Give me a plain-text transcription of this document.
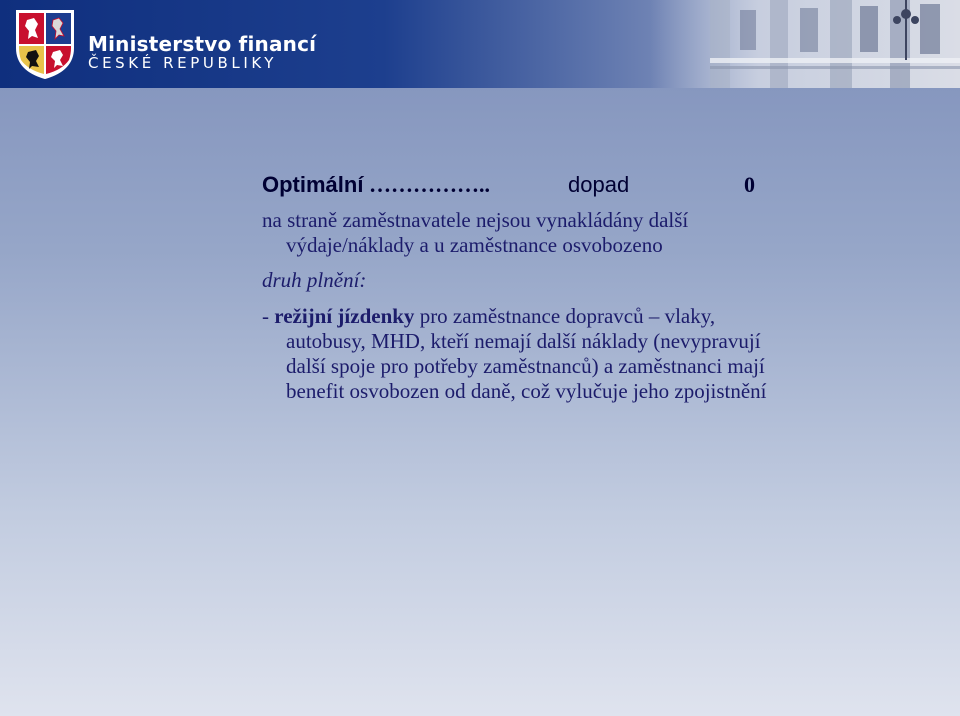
Ministerstvo financí
ČESKÉ REPUBLIKY
Optimální ……………..	dopad	0
na straně zaměstnavatele nejsou vynakládány další
výdaje/náklady a u zaměstnance osvobozeno
druh plnění:
- režijní jízdenky pro zaměstnance dopravců – vlaky,
autobusy, MHD, kteří nemají další náklady (nevypravují
další spoje pro potřeby zaměstnanců) a zaměstnanci mají
benefit osvobozen od daně, což vylučuje jeho zpojistnění
